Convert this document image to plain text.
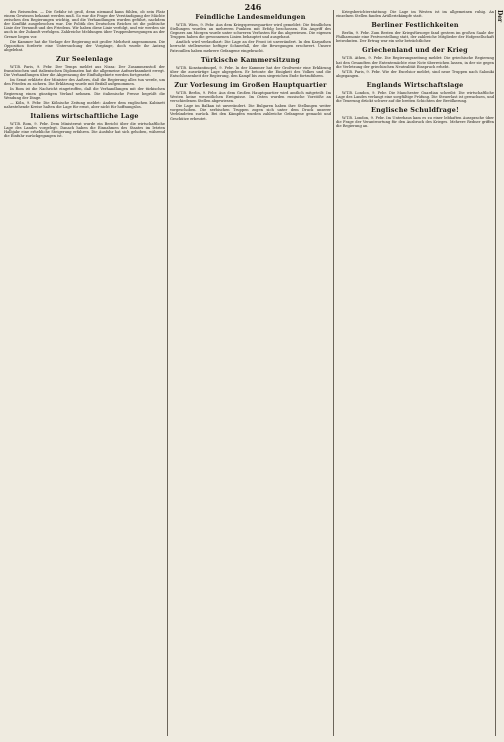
246

des Reisenden. — Die Gefahr ist groß, denn niemand kann fühlen, ob sein Platz einem Gewissen bekannt werden muß. So war die Frage der Verständigung der Mächte zwischen den Regierungen wichtig, und die Verhandlungen wurden geführt, nachdem der Konflikt ausgebrochen war. Die Politik des Deutschen Reiches ist die politische Linie der Vernunft und des Friedens. Wir haben diese Linie verfolgt, und wir werden sie auch in der Zukunft verfolgen. Zahlreiche Meldungen über Truppenbewegungen an der Grenze liegen vor.

Die Kammer hat die Vorlage der Regierung mit großer Mehrheit angenommen. Die Opposition forderte eine Untersuchung der Vorgänge, doch wurde ihr Antrag abgelehnt.

Zur Seelenlage

W.T.B. Paris, 9. Febr. Der Temps meldet aus Nizza: Der Zusammenstoß der französischen und italienischen Diplomaten hat die allgemeine Aufmerksamkeit erregt. Die Verhandlungen über die Abgrenzung der Einflußgebiete werden fortgesetzt.

Im Senat erklärte der Minister des Äußern, daß die Regierung alles tun werde, um den Frieden zu sichern. Die Erklärung wurde mit Beifall aufgenommen.

In Rom ist die Nachricht eingetroffen, daß die Verhandlungen mit der türkischen Regierung einen günstigen Verlauf nehmen. Die italienische Presse begrüßt die Wendung der Dinge.

— Köln, 9. Febr. Die Kölnische Zeitung meldet: Andere dem englischen Kabinett nahestehende Kreise halten die Lage für ernst, aber nicht für hoffnungslos.

Italiens wirtschaftliche Lage

W.T.B. Rom, 9. Febr. Dem Ministerrat wurde ein Bericht über die wirtschaftliche Lage des Landes vorgelegt. Danach haben die Einnahmen des Staates im letzten Halbjahr eine erhebliche Steigerung erfahren. Die Ausfuhr hat sich gehoben, während die Einfuhr zurückgegangen ist.

Feindliche Landesmeldungen

W.T.B. Wien, 9. Febr. Aus dem Kriegspressequartier wird gemeldet: Die feindlichen Stellungen wurden an mehreren Punkten mit Erfolg beschossen. Ein Angriff des Gegners am Morgen wurde unter schweren Verlusten für ihn abgewiesen. Die eigenen Truppen haben die gewonnenen Linien behauptet und ausgebaut.

Amtlich wird verlautbart: Die Lage an der Front ist unverändert. In den Karpathen herrscht stellenweise heftiger Schneefall, der die Bewegungen erschwert. Unsere Patrouillen haben mehrere Gefangene eingebracht.

Türkische Kammersitzung

W.T.B. Konstantinopel, 9. Febr. In der Kammer hat der Großwesir eine Erklärung über die auswärtige Lage abgegeben. Er betonte die Einigkeit des Volkes und die Entschlossenheit der Regierung, den Kampf bis zum siegreichen Ende fortzuführen.

Zur Vorlesung im Großen Hauptquartier

W.T.B. Berlin, 9. Febr. Aus dem Großen Hauptquartier wird amtlich mitgeteilt: Im Westen keine wesentlichen Ereignisse. Im Osten wurden russische Vorstöße an verschiedenen Stellen abgewiesen.

Die Lage im Balkan ist unverändert. Die Bulgaren haben ihre Stellungen weiter vorgeschoben. Die serbischen Truppen zogen sich unter dem Druck unserer Verbündeten zurück. Bei den Kämpfen wurden zahlreiche Gefangene gemacht und Geschütze erbeutet.

Kriegsberichterstattung: Die Lage im Westen ist im allgemeinen ruhig. An einzelnen Stellen fanden Artilleriekämpfe statt.

Berliner Festlichkeiten

Berlin, 9. Febr. Zum Besten der Kriegsfürsorge fand gestern im großen Saale der Philharmonie eine Festvorstellung statt, der zahlreiche Mitglieder der Hofgesellschaft beiwohnten. Der Ertrag war ein sehr beträchtlicher.

Griechenland und der Krieg

W.T.B. Athen, 9. Febr. Die Regierungszeitung meldet: Die griechische Regierung hat den Gesandten der Ententemächte eine Note überreichen lassen, in der sie gegen die Verletzung der griechischen Neutralität Einspruch erhebt.

W.T.B. Paris, 9. Febr. Wie der Excelsior meldet, sind neue Truppen nach Saloniki abgegangen.

Englands Wirtschaftslage

W.T.B. London, 9. Febr. Die Manchester Guardian schreibt: Die wirtschaftliche Lage des Landes verlangt eine sorgfältige Prüfung. Die Steuerlast ist gewachsen, und die Teuerung drückt schwer auf die breiten Schichten der Bevölkerung.

Englische Schuldfrage!

W.T.B. London, 9. Febr. Im Unterhaus kam es zu einer lebhaften Aussprache über die Frage der Verantwortung für den Ausbruch des Krieges. Mehrere Redner griffen die Regierung an.

Der
